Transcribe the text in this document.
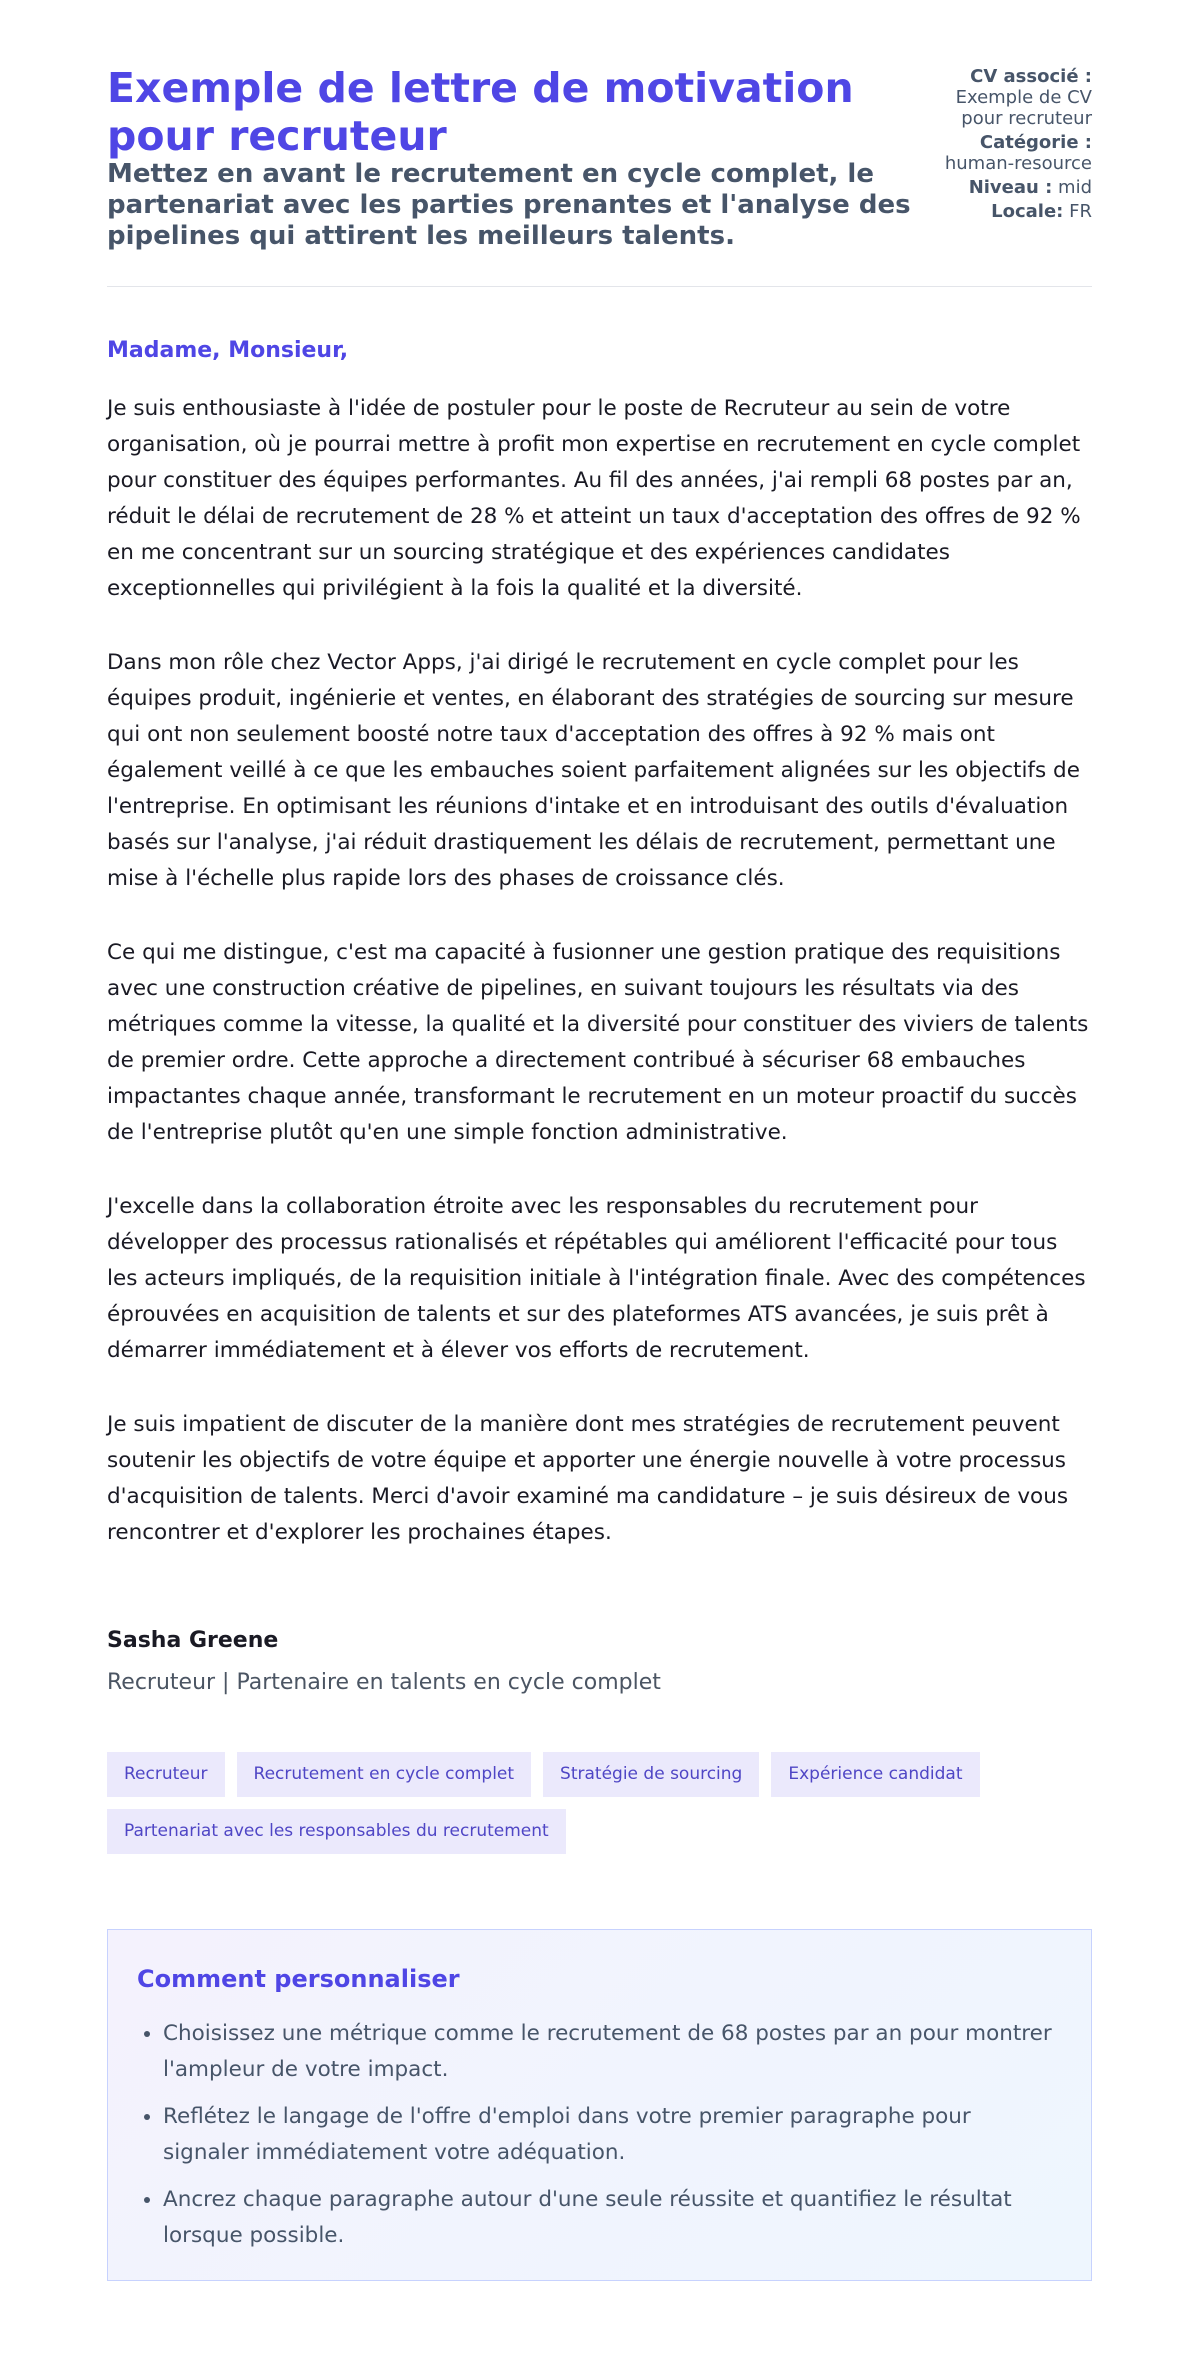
Exemple de lettre de motivation pour recruteur
Mettez en avant le recrutement en cycle complet, le partenariat avec les parties prenantes et l'analyse des pipelines qui attirent les meilleurs talents.
CV associé :
Exemple de CV pour recruteur
Catégorie :
human-resource
Niveau : mid
Locale: FR
Madame, Monsieur,

Je suis enthousiaste à l'idée de postuler pour le poste de Recruteur au sein de votre organisation, où je pourrai mettre à profit mon expertise en recrutement en cycle complet pour constituer des équipes performantes. Au fil des années, j'ai rempli 68 postes par an, réduit le délai de recrutement de 28 % et atteint un taux d'acceptation des offres de 92 % en me concentrant sur un sourcing stratégique et des expériences candidates exceptionnelles qui privilégient à la fois la qualité et la diversité.

Dans mon rôle chez Vector Apps, j'ai dirigé le recrutement en cycle complet pour les équipes produit, ingénierie et ventes, en élaborant des stratégies de sourcing sur mesure qui ont non seulement boosté notre taux d'acceptation des offres à 92 % mais ont également veillé à ce que les embauches soient parfaitement alignées sur les objectifs de l'entreprise. En optimisant les réunions d'intake et en introduisant des outils d'évaluation basés sur l'analyse, j'ai réduit drastiquement les délais de recrutement, permettant une mise à l'échelle plus rapide lors des phases de croissance clés.

Ce qui me distingue, c'est ma capacité à fusionner une gestion pratique des requisitions avec une construction créative de pipelines, en suivant toujours les résultats via des métriques comme la vitesse, la qualité et la diversité pour constituer des viviers de talents de premier ordre. Cette approche a directement contribué à sécuriser 68 embauches impactantes chaque année, transformant le recrutement en un moteur proactif du succès de l'entreprise plutôt qu'en une simple fonction administrative.

J'excelle dans la collaboration étroite avec les responsables du recrutement pour développer des processus rationalisés et répétables qui améliorent l'efficacité pour tous les acteurs impliqués, de la requisition initiale à l'intégration finale. Avec des compétences éprouvées en acquisition de talents et sur des plateformes ATS avancées, je suis prêt à démarrer immédiatement et à élever vos efforts de recrutement.

Je suis impatient de discuter de la manière dont mes stratégies de recrutement peuvent soutenir les objectifs de votre équipe et apporter une énergie nouvelle à votre processus d'acquisition de talents. Merci d'avoir examiné ma candidature – je suis désireux de vous rencontrer et d'explorer les prochaines étapes.

Sasha Greene
Recruteur | Partenaire en talents en cycle complet
Recruteur	Recrutement en cycle complet	Stratégie de sourcing	Expérience candidat
Partenariat avec les responsables du recrutement
Comment personnaliser
• Choisissez une métrique comme le recrutement de 68 postes par an pour montrer l'ampleur de votre impact.
• Reflétez le langage de l'offre d'emploi dans votre premier paragraphe pour signaler immédiatement votre adéquation.
• Ancrez chaque paragraphe autour d'une seule réussite et quantifiez le résultat lorsque possible.
